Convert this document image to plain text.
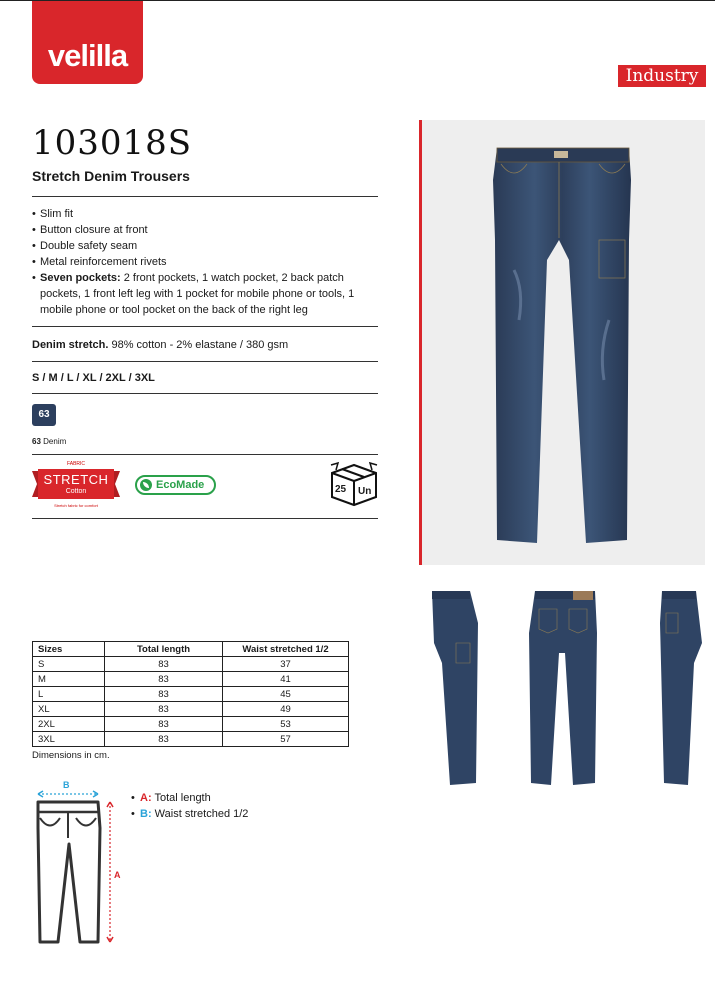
velilla
Industry
103018S
Stretch Denim Trousers
• Slim fit
• Button closure at front
• Double safety seam
• Metal reinforcement rivets
• Seven pockets: 2 front pockets, 1 watch pocket, 2 back patch pockets, 1 front left leg with 1 pocket for mobile phone or tools, 1 mobile phone or tool pocket on the back of the right leg
Denim stretch. 98% cotton - 2% elastane / 380 gsm
S / M / L / XL / 2XL / 3XL
63
63 Denim
FABRIC
STRETCH
Cotton
Stretch fabric for comfort
EcoMade	25 Un
Sizes	Total length	Waist stretched 1/2
S	83	37
M	83	41
L	83	45
XL	83	49
2XL	83	53
3XL	83	57
Dimensions in cm.
B
A
• A: Total length
• B: Waist stretched 1/2
